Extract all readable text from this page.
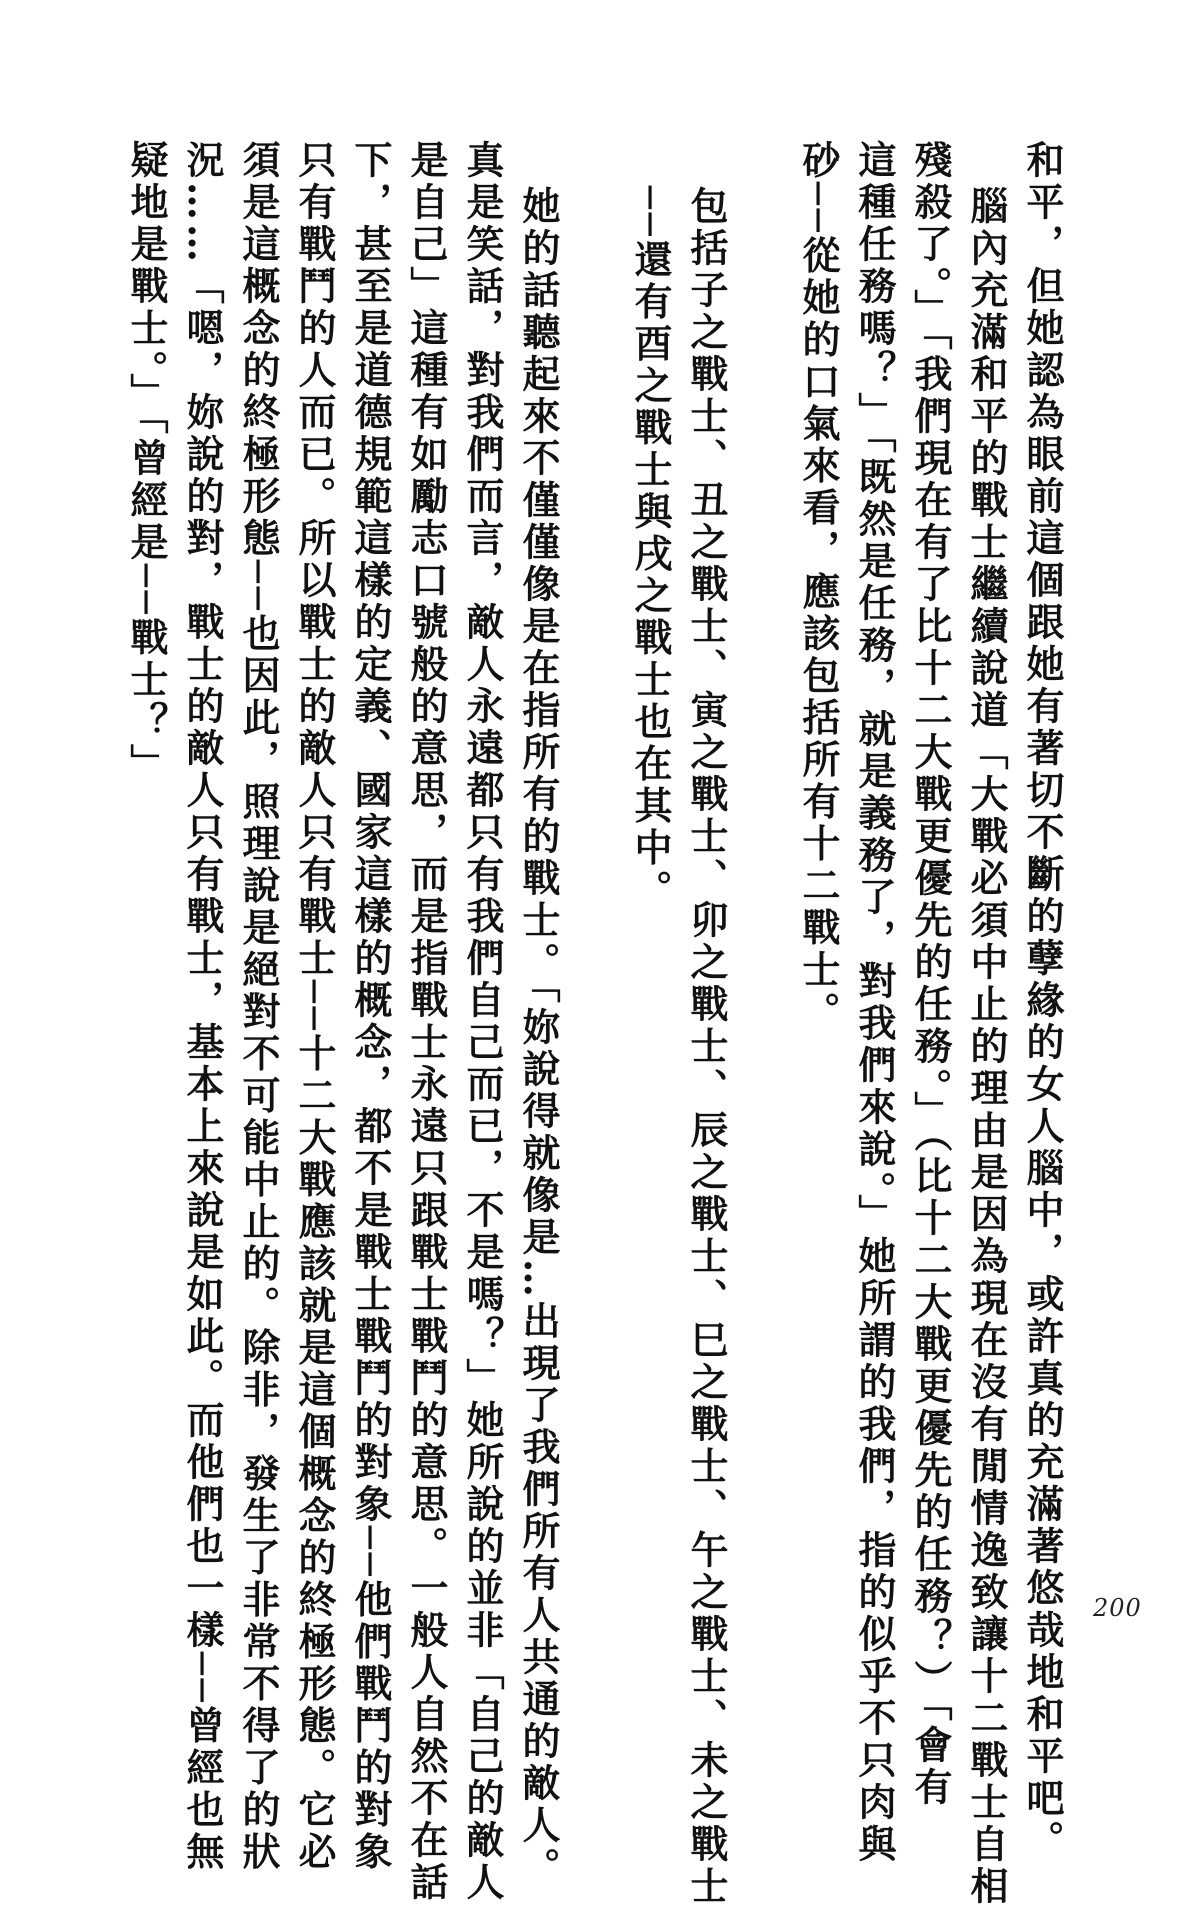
和平，但她認為眼前這個跟她有著切不斷的孽緣的女人腦中，或許真的充滿著悠哉地和平吧。
腦內充滿和平的戰士繼續說道「大戰必須中止的理由是因為現在沒有閒情逸致讓十二戰士自相
殘殺了。」「我們現在有了比十二大戰更優先的任務。」（比十二大戰更優先的任務？）「會有
這種任務嗎？」「既然是任務，就是義務了，對我們來說。」她所謂的我們，指的似乎不只肉與
砂──從她的口氣來看，應該包括所有十二戰士。
包括子之戰士、丑之戰士、寅之戰士、卯之戰士、辰之戰士、巳之戰士、午之戰士、未之戰士
──還有酉之戰士與戌之戰士也在其中。
她的話聽起來不僅僅像是在指所有的戰士。「妳說得就像是…出現了我們所有人共通的敵人。
真是笑話，對我們而言，敵人永遠都只有我們自己而已，不是嗎？」她所說的並非「自己的敵人
是自己」這種有如勵志口號般的意思，而是指戰士永遠只跟戰士戰鬥的意思。一般人自然不在話
下，甚至是道德規範這樣的定義、國家這樣的概念，都不是戰士戰鬥的對象──他們戰鬥的對象
只有戰鬥的人而已。所以戰士的敵人只有戰士──十二大戰應該就是這個概念的終極形態。它必
須是這概念的終極形態──也因此，照理說是絕對不可能中止的。除非，發生了非常不得了的狀
況……「嗯，妳說的對，戰士的敵人只有戰士，基本上來說是如此。而他們也一樣──曾經也無
疑地是戰士。」「曾經是──戰士？」
200
